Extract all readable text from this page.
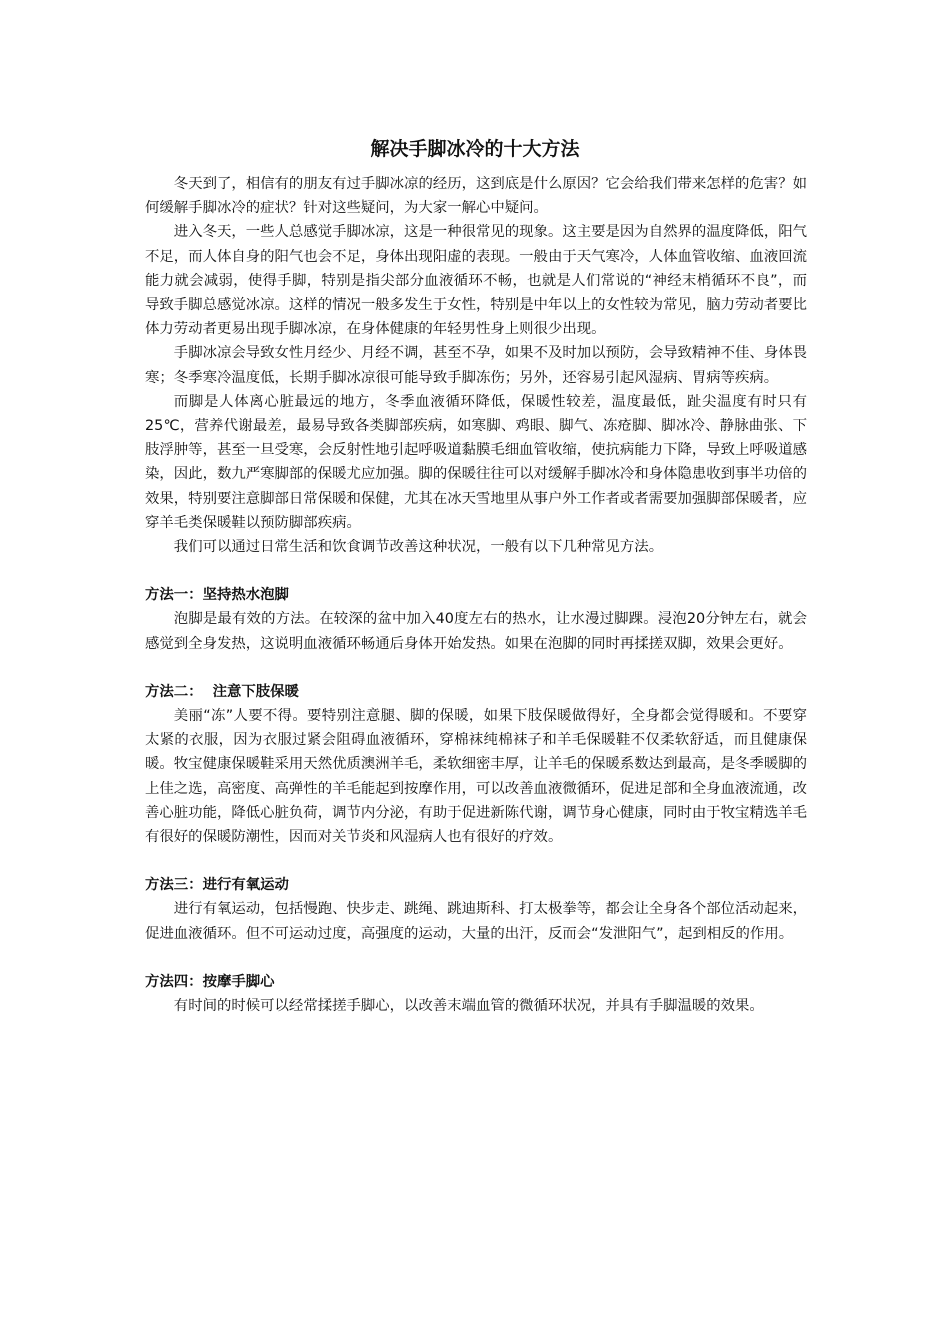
解决手脚冰冷的十大方法

冬天到了，相信有的朋友有过手脚冰凉的经历，这到底是什么原因？它会给我们带来怎样的危害？如何缓解手脚冰冷的症状？针对这些疑问，为大家一解心中疑问。

进入冬天，一些人总感觉手脚冰凉，这是一种很常见的现象。这主要是因为自然界的温度降低，阳气不足，而人体自身的阳气也会不足，身体出现阳虚的表现。一般由于天气寒冷，人体血管收缩、血液回流能力就会减弱，使得手脚，特别是指尖部分血液循环不畅，也就是人们常说的“神经末梢循环不良”，而导致手脚总感觉冰凉。这样的情况一般多发生于女性，特别是中年以上的女性较为常见，脑力劳动者要比体力劳动者更易出现手脚冰凉，在身体健康的年轻男性身上则很少出现。

手脚冰凉会导致女性月经少、月经不调，甚至不孕，如果不及时加以预防，会导致精神不佳、身体畏寒；冬季寒冷温度低，长期手脚冰凉很可能导致手脚冻伤；另外，还容易引起风湿病、胃病等疾病。

而脚是人体离心脏最远的地方，冬季血液循环降低，保暖性较差，温度最低，趾尖温度有时只有25℃，营养代谢最差，最易导致各类脚部疾病，如寒脚、鸡眼、脚气、冻疮脚、脚冰冷、静脉曲张、下肢浮肿等，甚至一旦受寒，会反射性地引起呼吸道黏膜毛细血管收缩，使抗病能力下降，导致上呼吸道感染，因此，数九严寒脚部的保暖尤应加强。脚的保暖往往可以对缓解手脚冰冷和身体隐患收到事半功倍的效果，特别要注意脚部日常保暖和保健，尤其在冰天雪地里从事户外工作者或者需要加强脚部保暖者，应穿羊毛类保暖鞋以预防脚部疾病。

我们可以通过日常生活和饮食调节改善这种状况，一般有以下几种常见方法。

方法一：坚持热水泡脚

泡脚是最有效的方法。在较深的盆中加入40度左右的热水，让水漫过脚踝。浸泡20分钟左右，就会感觉到全身发热，这说明血液循环畅通后身体开始发热。如果在泡脚的同时再揉搓双脚，效果会更好。

方法二：  注意下肢保暖

美丽“冻”人要不得。要特别注意腿、脚的保暖，如果下肢保暖做得好，全身都会觉得暖和。不要穿太紧的衣服，因为衣服过紧会阻碍血液循环，穿棉袜纯棉袜子和羊毛保暖鞋不仅柔软舒适，而且健康保暖。牧宝健康保暖鞋采用天然优质澳洲羊毛，柔软细密丰厚，让羊毛的保暖系数达到最高，是冬季暖脚的上佳之选，高密度、高弹性的羊毛能起到按摩作用，可以改善血液微循环，促进足部和全身血液流通，改善心脏功能，降低心脏负荷，调节内分泌，有助于促进新陈代谢，调节身心健康，同时由于牧宝精选羊毛有很好的保暖防潮性，因而对关节炎和风湿病人也有很好的疗效。

方法三：进行有氧运动

进行有氧运动，包括慢跑、快步走、跳绳、跳迪斯科、打太极拳等，都会让全身各个部位活动起来，促进血液循环。但不可运动过度，高强度的运动，大量的出汗，反而会“发泄阳气”，起到相反的作用。

方法四：按摩手脚心

有时间的时候可以经常揉搓手脚心，以改善末端血管的微循环状况，并具有手脚温暖的效果。
